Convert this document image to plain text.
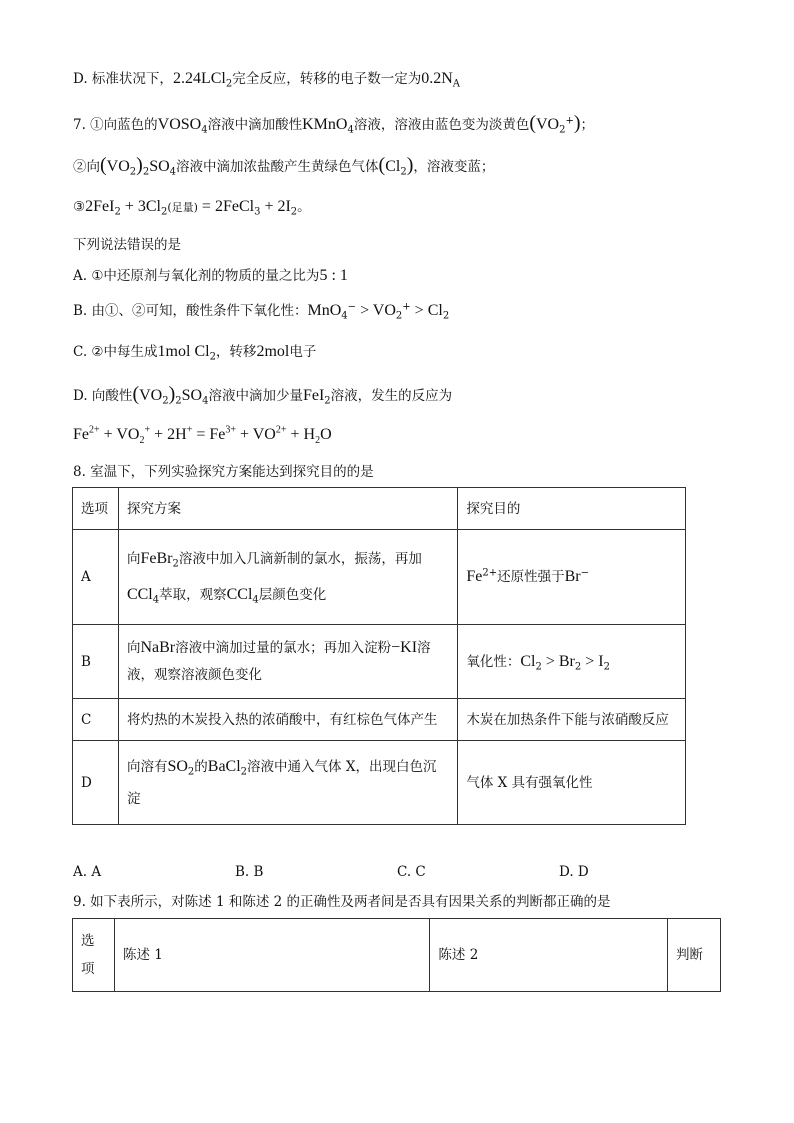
D. 标准状况下，2.24LCl$_2$完全反应，转移的电子数一定为$0.2N_A$
7. ①向蓝色的$VOSO_4$溶液中滴加酸性KMnO$_4$溶液，溶液由蓝色变为淡黄色$(VO_2^+)$；
②向$(VO_2)_2SO_4$溶液中滴加浓盐酸产生黄绿色气体$(Cl_2)$，溶液变蓝；
③2FeI$_2$ + $3Cl_2$(足量) = 2FeCl$_3$ + $2I_2$。
下列说法错误的是
A. ①中还原剂与氧化剂的物质的量之比为5 : 1
B. 由①、②可知，酸性条件下氧化性：$MnO_4^- > VO_2^+ > Cl_2$
C. ②中每生成1mol $Cl_2$，转移2mol电子
D. 向酸性$(VO_2)_2SO_4$溶液中滴加少量FeI$_2$溶液，发生的反应为
$Fe^{2+} + VO_2^+ + 2H^+ = Fe^{3+} + VO^{2+} + H_2O$
8. 室温下，下列实验探究方案能达到探究目的的是
选项	探究方案	探究目的
A	向FeBr$_2$溶液中加入几滴新制的氯水，振荡，再加
CCl$_4$萃取，观察CCl$_4$层颜色变化	$Fe^{2+}$还原性强于Br−
B	向NaBr溶液中滴加过量的氯水；再加入淀粉−KI溶
液，观察溶液颜色变化	氧化性：$Cl_2 > Br_2 > I_2$
C	将灼热的木炭投入热的浓硝酸中，有红棕色气体产生	木炭在加热条件下能与浓硝酸反应
D	向溶有$SO_2$的BaCl$_2$溶液中通入气体 X，出现白色沉
淀	气体 X 具有强氧化性
A. A	B. B	C. C	D. D
9. 如下表所示，对陈述 1 和陈述 2 的正确性及两者间是否具有因果关系的判断都正确的是
选
项
	陈述 1	陈述 2	判断
